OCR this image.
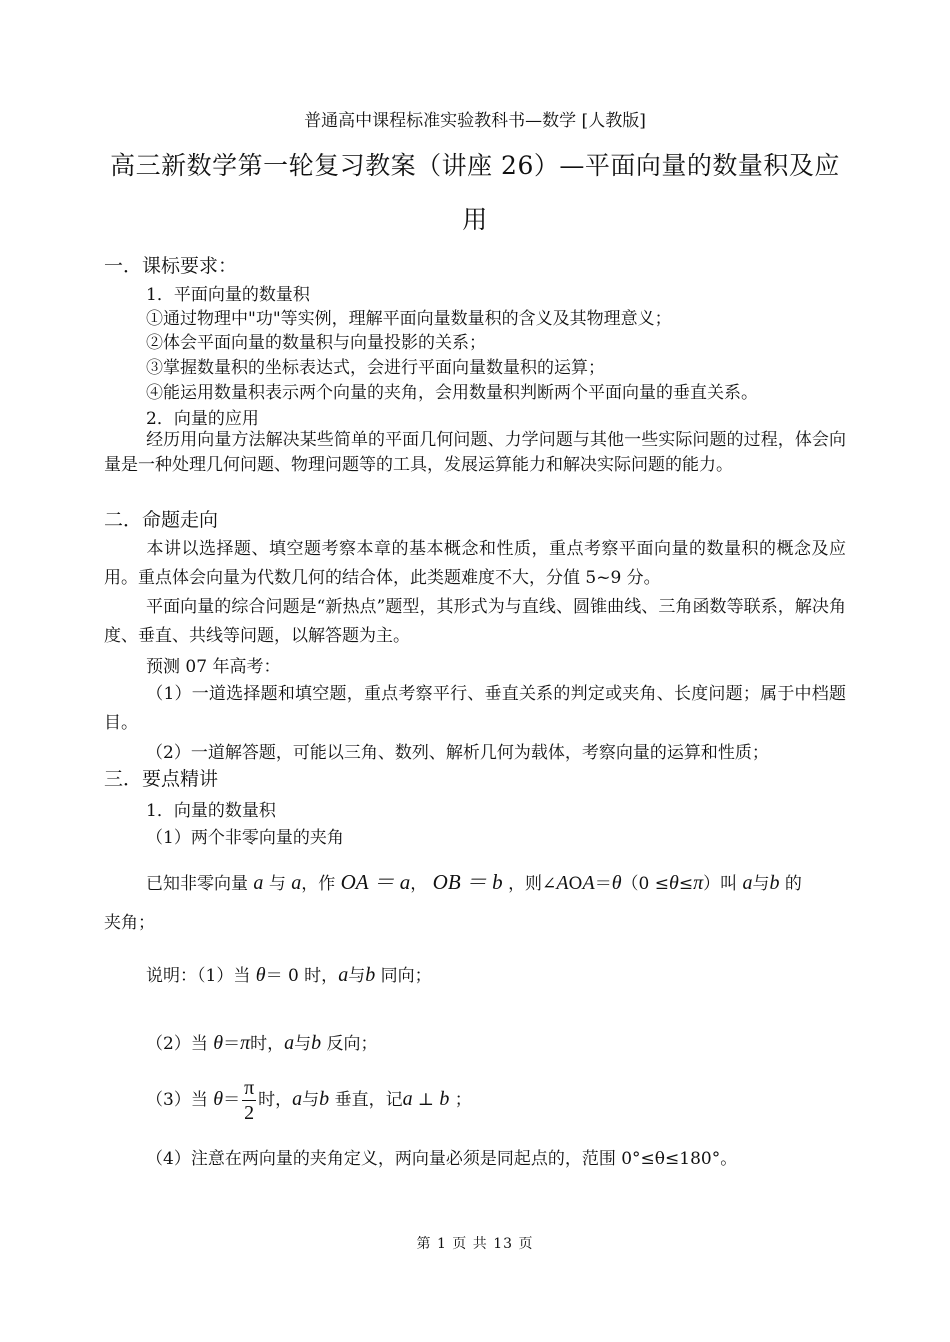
普通高中课程标准实验教科书—数学 [人教版]
高三新数学第一轮复习教案（讲座 26）—平面向量的数量积及应
用
一．课标要求：
1．平面向量的数量积
①通过物理中"功"等实例，理解平面向量数量积的含义及其物理意义；
②体会平面向量的数量积与向量投影的关系；
③掌握数量积的坐标表达式，会进行平面向量数量积的运算；
④能运用数量积表示两个向量的夹角，会用数量积判断两个平面向量的垂直关系。
2．向量的应用
经历用向量方法解决某些简单的平面几何问题、力学问题与其他一些实际问题的过程，体会向量是一种处理几何问题、物理问题等的工具，发展运算能力和解决实际问题的能力。
二．命题走向
本讲以选择题、填空题考察本章的基本概念和性质，重点考察平面向量的数量积的概念及应用。重点体会向量为代数几何的结合体，此类题难度不大，分值 5~9 分。
平面向量的综合问题是“新热点”题型，其形式为与直线、圆锥曲线、三角函数等联系，解决角度、垂直、共线等问题，以解答题为主。
预测 07 年高考：
（1）一道选择题和填空题，重点考察平行、垂直关系的判定或夹角、长度问题；属于中档题目。
（2）一道解答题，可能以三角、数列、解析几何为载体，考察向量的运算和性质；
三．要点精讲
1．向量的数量积
（1）两个非零向量的夹角
已知非零向量 a 与 a，作 OA ＝ a， OB ＝ b ，则∠AOA＝θ（0 ≤θ≤π）叫 a与b 的
夹角；
说明：（1）当 θ＝ 0 时，a与b 同向；
（2）当 θ＝π时，a与b 反向；
（3）当 $\theta= \frac{\pi}{2}$ 时，a与b 垂直，记a ⊥ b ；
（4）注意在两向量的夹角定义，两向量必须是同起点的，范围 0°≤θ≤180°。
第 1 页 共 13 页
